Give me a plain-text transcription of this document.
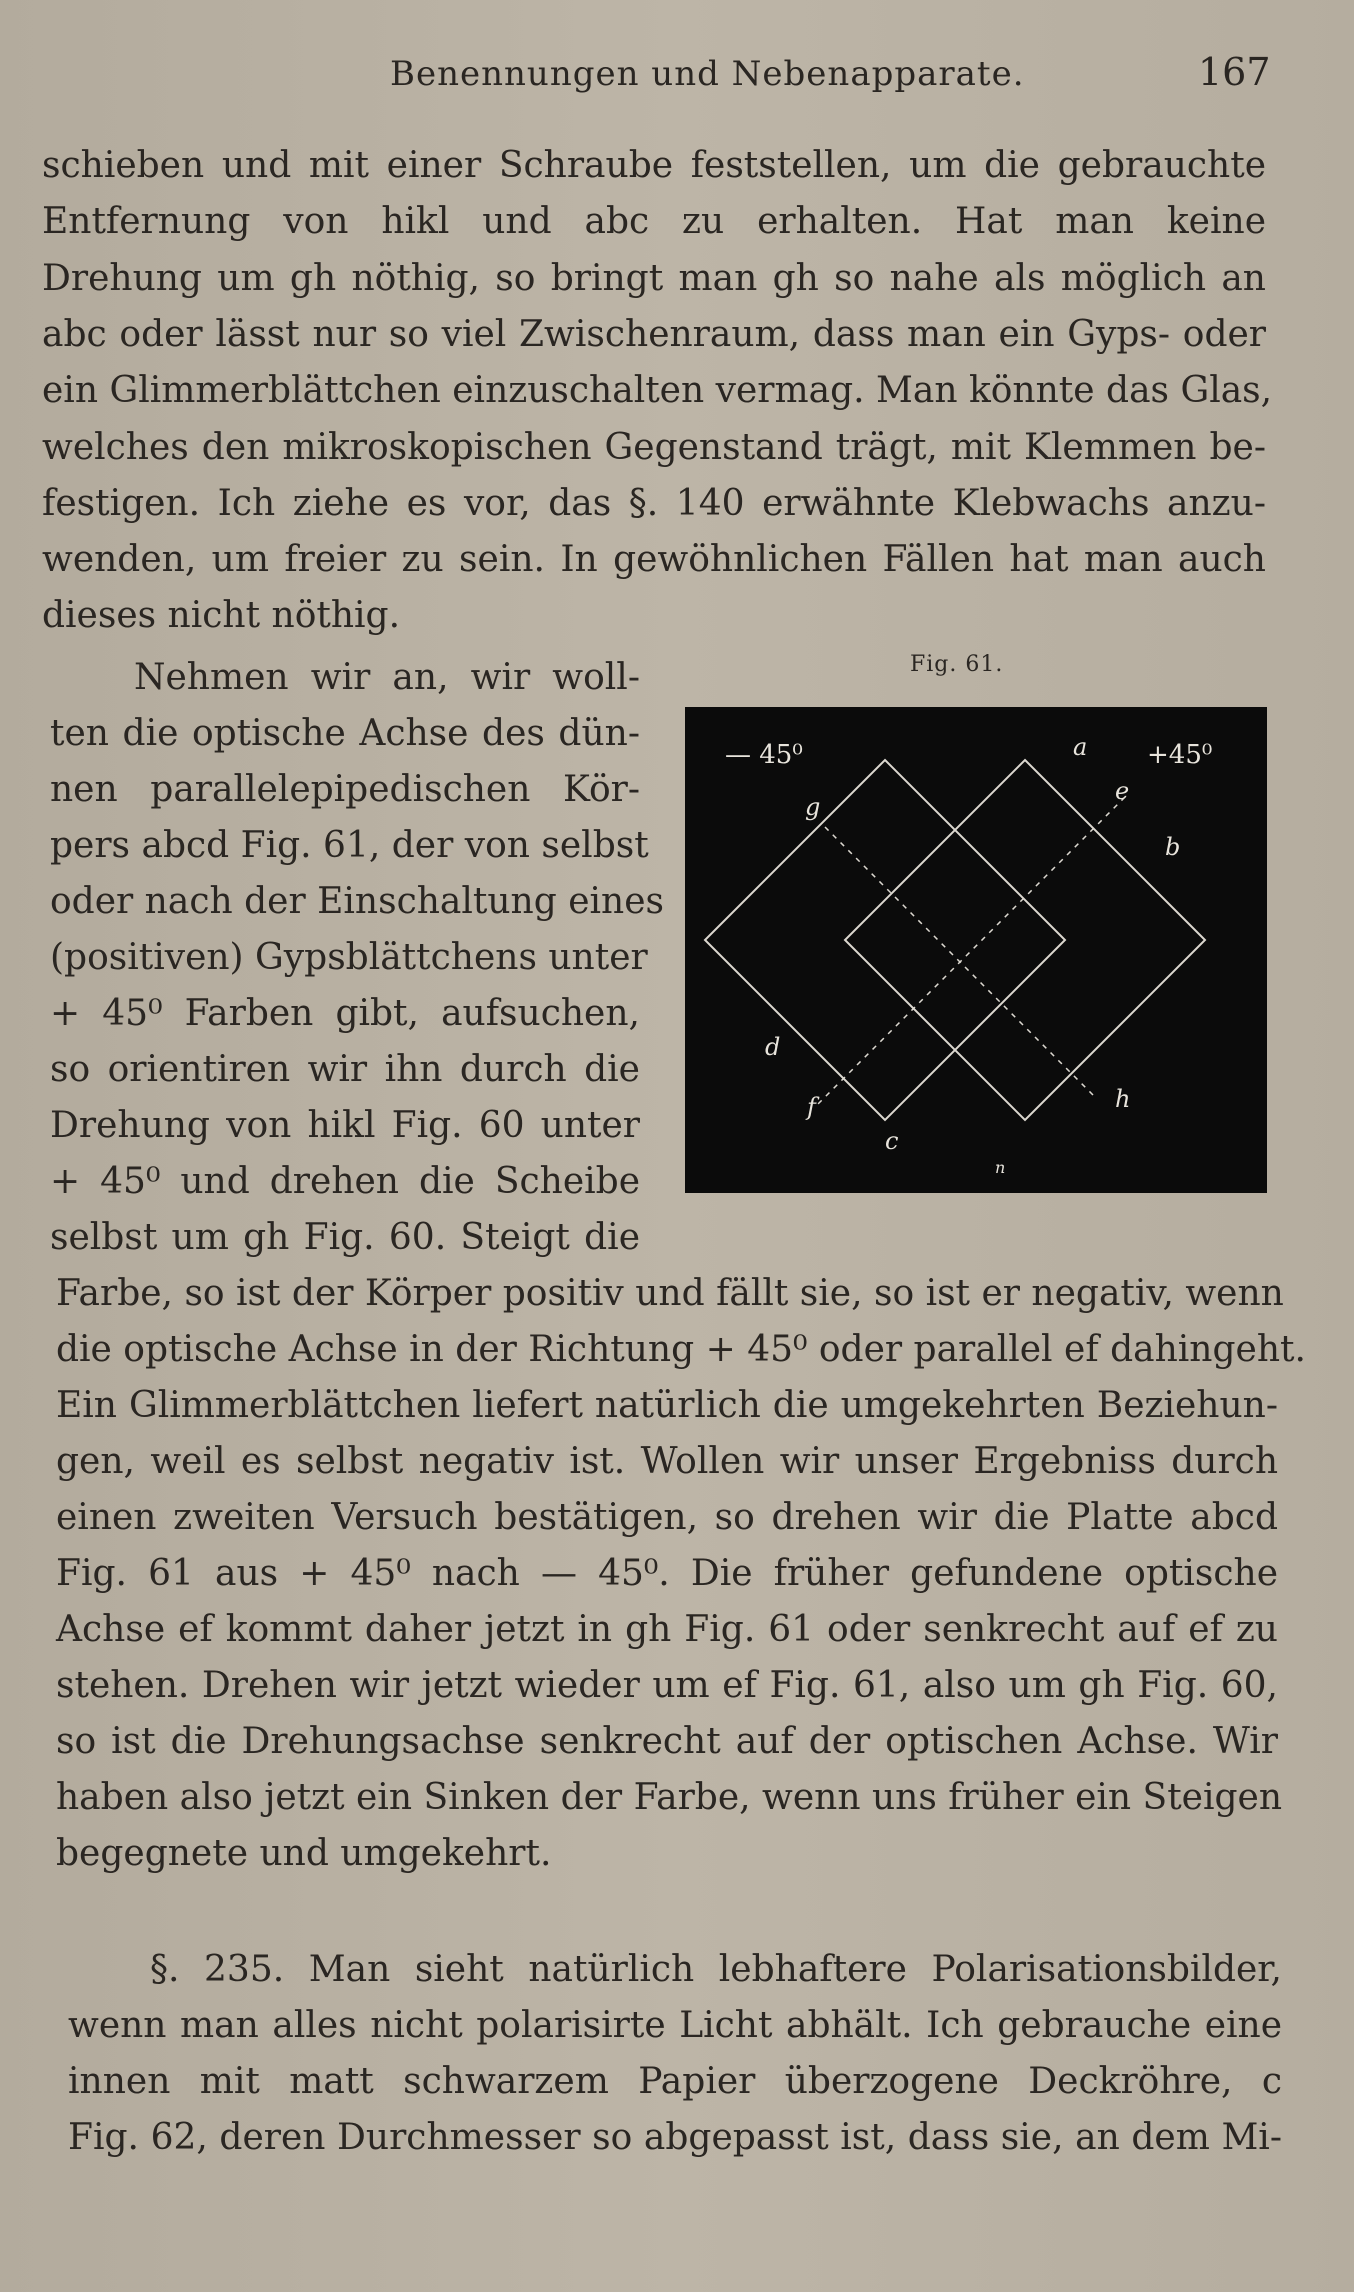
Benennungen und Nebenapparate.	167
schieben und mit einer Schraube feststellen, um die gebrauchte
Entfernung von hikl und abc zu erhalten. Hat man keine
Drehung um gh nöthig, so bringt man gh so nahe als möglich an
abc oder lässt nur so viel Zwischenraum, dass man ein Gyps- oder
ein Glimmerblättchen einzuschalten vermag. Man könnte das Glas,
welches den mikroskopischen Gegenstand trägt, mit Klemmen be-
festigen. Ich ziehe es vor, das §. 140 erwähnte Klebwachs anzu-
wenden, um freier zu sein. In gewöhnlichen Fällen hat man auch
dieses nicht nöthig.
Nehmen wir an, wir woll-
ten die optische Achse des dün-
nen parallelepipedischen Kör-
pers abcd Fig. 61, der von selbst
oder nach der Einschaltung eines
(positiven) Gypsblättchens unter
+ 45⁰ Farben gibt, aufsuchen,
so orientiren wir ihn durch die
Drehung von hikl Fig. 60 unter
+ 45⁰ und drehen die Scheibe
selbst um gh Fig. 60. Steigt die
Fig. 61.
— 45⁰	+45⁰
a
b
c
d
e
f
g
h
n
Farbe, so ist der Körper positiv und fällt sie, so ist er negativ, wenn
die optische Achse in der Richtung + 45⁰ oder parallel ef dahingeht.
Ein Glimmerblättchen liefert natürlich die umgekehrten Beziehun-
gen, weil es selbst negativ ist. Wollen wir unser Ergebniss durch
einen zweiten Versuch bestätigen, so drehen wir die Platte abcd
Fig. 61 aus + 45⁰ nach — 45⁰. Die früher gefundene optische
Achse ef kommt daher jetzt in gh Fig. 61 oder senkrecht auf ef zu
stehen. Drehen wir jetzt wieder um ef Fig. 61, also um gh Fig. 60,
so ist die Drehungsachse senkrecht auf der optischen Achse. Wir
haben also jetzt ein Sinken der Farbe, wenn uns früher ein Steigen
begegnete und umgekehrt.
§. 235. Man sieht natürlich lebhaftere Polarisationsbilder,
wenn man alles nicht polarisirte Licht abhält. Ich gebrauche eine
innen mit matt schwarzem Papier überzogene Deckröhre, c
Fig. 62, deren Durchmesser so abgepasst ist, dass sie, an dem Mi-
